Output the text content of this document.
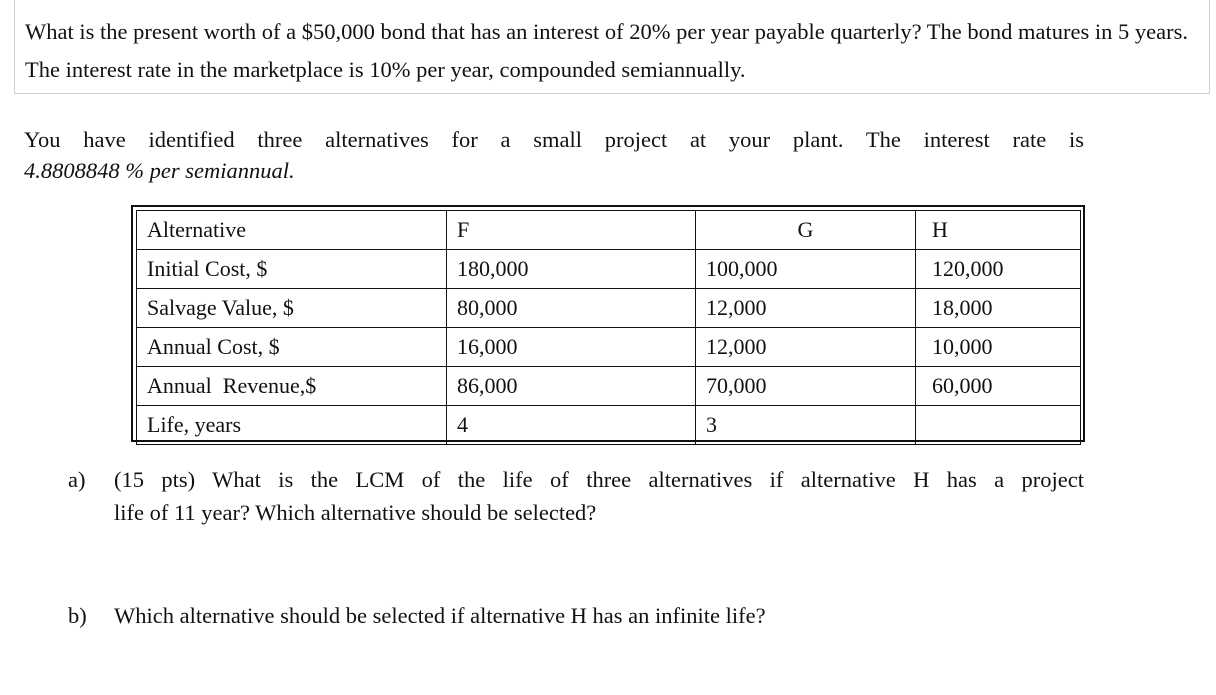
What is the present worth of a $50,000 bond that has an interest of 20% per year payable quarterly? The bond matures in 5 years. The interest rate in the marketplace is 10% per year, compounded semiannually.

You have identified three alternatives for a small project at your plant. The interest rate is
4.8808848 % per semiannual.
Alternative	F	G	H
Initial Cost, $	180,000	100,000	120,000
Salvage Value, $	80,000	12,000	18,000
Annual Cost, $	16,000	12,000	10,000
Annual  Revenue,$	86,000	70,000	60,000
Life, years	4	3	
a) (15 pts) What is the LCM of the life of three alternatives if alternative H has a project
life of 11 year? Which alternative should be selected?
b) Which alternative should be selected if alternative H has an infinite life?
